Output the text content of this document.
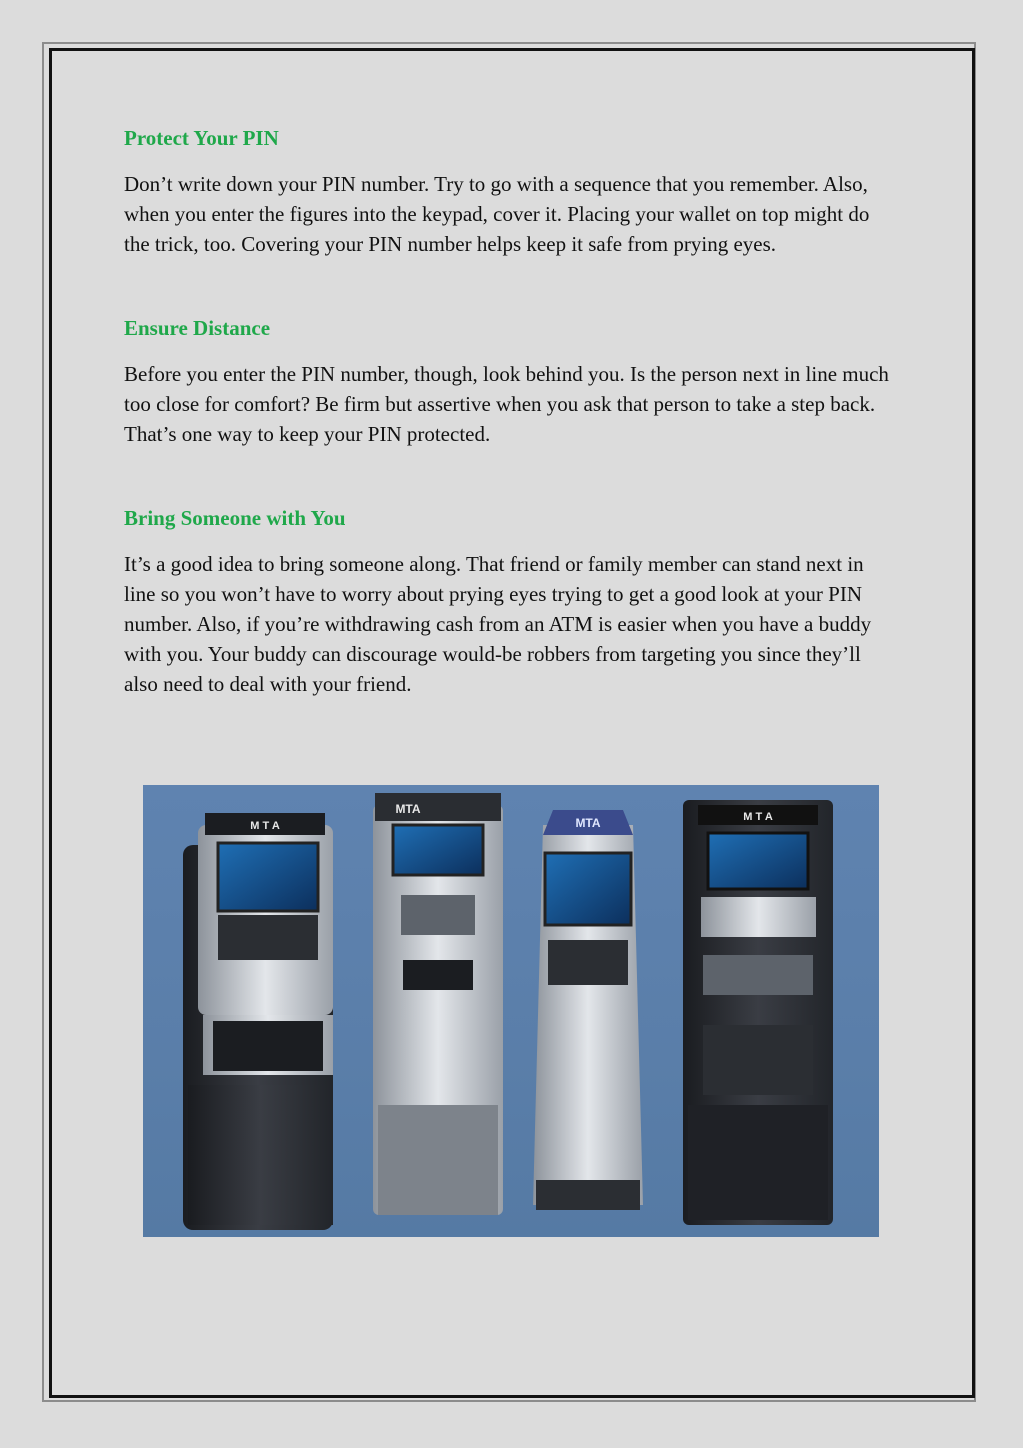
Protect Your PIN

Don’t write down your PIN number. Try to go with a sequence that you remember. Also, when you enter the figures into the keypad, cover it. Placing your wallet on top might do the trick, too. Covering your PIN number helps keep it safe from prying eyes.

Ensure Distance

Before you enter the PIN number, though, look behind you. Is the person next in line much too close for comfort? Be firm but assertive when you ask that person to take a step back. That’s one way to keep your PIN protected.

Bring Someone with You

It’s a good idea to bring someone along. That friend or family member can stand next in line so you won’t have to worry about prying eyes trying to get a good look at your PIN number. Also, if you’re withdrawing cash from an ATM is easier when you have a buddy with you. Your buddy can discourage would-be robbers from targeting you since they’ll also need to deal with your friend.

M T A
MTA
MTA	M T A
